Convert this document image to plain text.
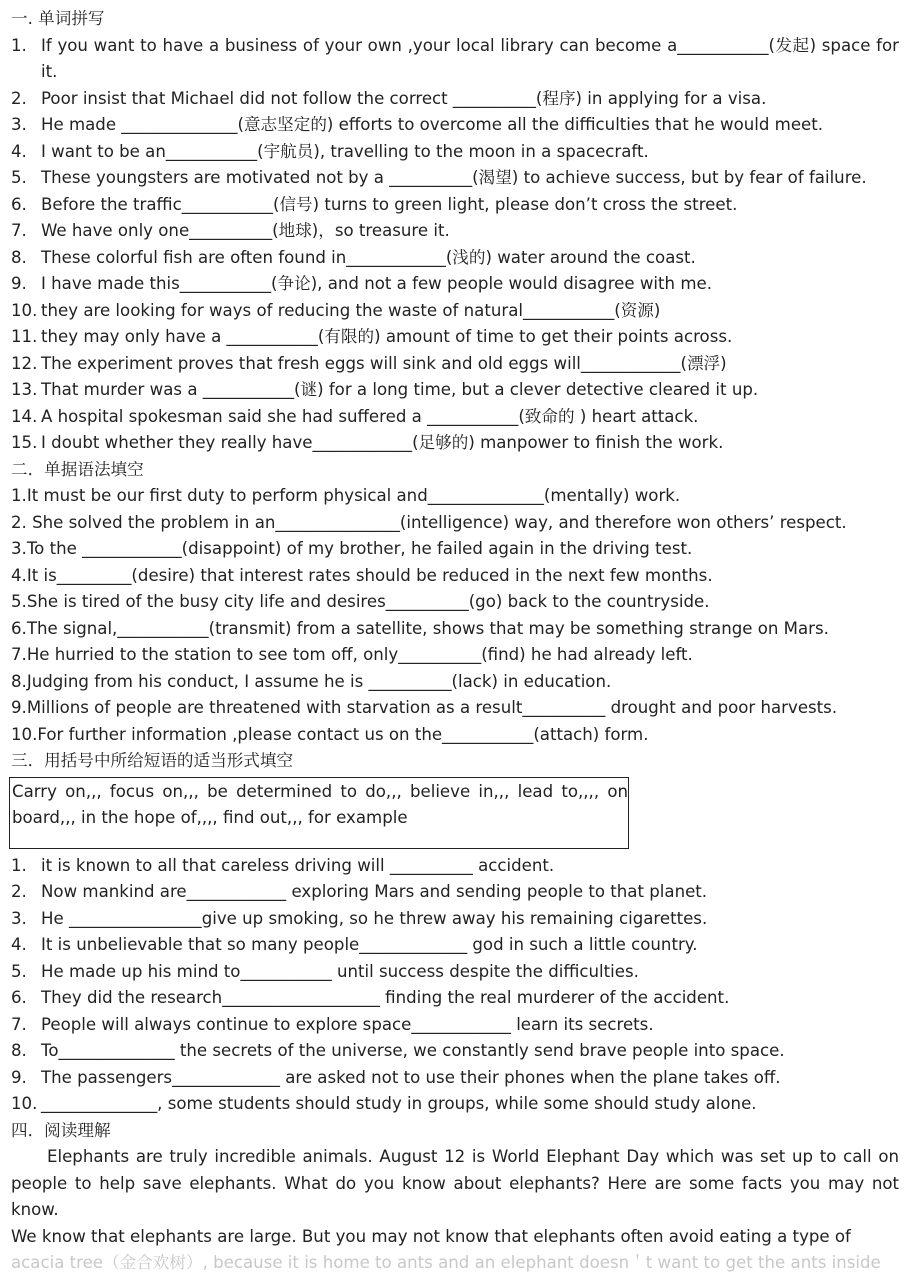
一. 单词拼写
1. If you want to have a business of your own ,your local library can become a___________(发起) space for it.
2. Poor insist that Michael did not follow the correct __________(程序) in applying for a visa.
3. He made ______________(意志坚定的) efforts to overcome all the difficulties that he would meet.
4. I want to be an___________(宇航员), travelling to the moon in a spacecraft.
5. These youngsters are motivated not by a __________(渴望) to achieve success, but by fear of failure.
6. Before the traffic___________(信号) turns to green light, please don’t cross the street.
7. We have only one__________(地球)，so treasure it.
8. These colorful fish are often found in____________(浅的) water around the coast.
9. I have made this___________(争论), and not a few people would disagree with me.
10. they are looking for ways of reducing the waste of natural___________(资源)
11. they may only have a ___________(有限的) amount of time to get their points across.
12. The experiment proves that fresh eggs will sink and old eggs will____________(漂浮)
13. That murder was a ___________(谜) for a long time, but a clever detective cleared it up.
14. A hospital spokesman said she had suffered a ___________(致命的 ) heart attack.
15. I doubt whether they really have____________(足够的) manpower to finish the work.
二．单据语法填空
1.It must be our first duty to perform physical and______________(mentally) work.
2. She solved the problem in an_______________(intelligence) way, and therefore won others’ respect.
3.To the ____________(disappoint) of my brother, he failed again in the driving test.
4.It is_________(desire) that interest rates should be reduced in the next few months.
5.She is tired of the busy city life and desires__________(go) back to the countryside.
6.The signal,___________(transmit) from a satellite, shows that may be something strange on Mars.
7.He hurried to the station to see tom off, only__________(find) he had already left.
8.Judging from his conduct, I assume he is __________(lack) in education.
9.Millions of people are threatened with starvation as a result__________ drought and poor harvests.
10.For further information ,please contact us on the___________(attach) form.
三．用括号中所给短语的适当形式填空
Carry on,,, focus on,,, be determined to do,,, believe in,,, lead to,,,, on board,,, in the hope of,,,, find out,,, for example
1. it is known to all that careless driving will __________ accident.
2. Now mankind are____________ exploring Mars and sending people to that planet.
3. He ________________give up smoking, so he threw away his remaining cigarettes.
4. It is unbelievable that so many people_____________ god in such a little country.
5. He made up his mind to___________ until success despite the difficulties.
6. They did the research___________________ finding the real murderer of the accident.
7. People will always continue to explore space____________ learn its secrets.
8. To______________ the secrets of the universe, we constantly send brave people into space.
9. The passengers_____________ are asked not to use their phones when the plane takes off.
10. ______________, some students should study in groups, while some should study alone.
四．阅读理解
Elephants are truly incredible animals. August 12 is World Elephant Day which was set up to call on people to help save elephants. What do you know about elephants? Here are some facts you may not know.
We know that elephants are large. But you may not know that elephants often avoid eating a type of
acacia tree（金合欢树）, because it is home to ants and an elephant doesn＇t want to get the ants inside
